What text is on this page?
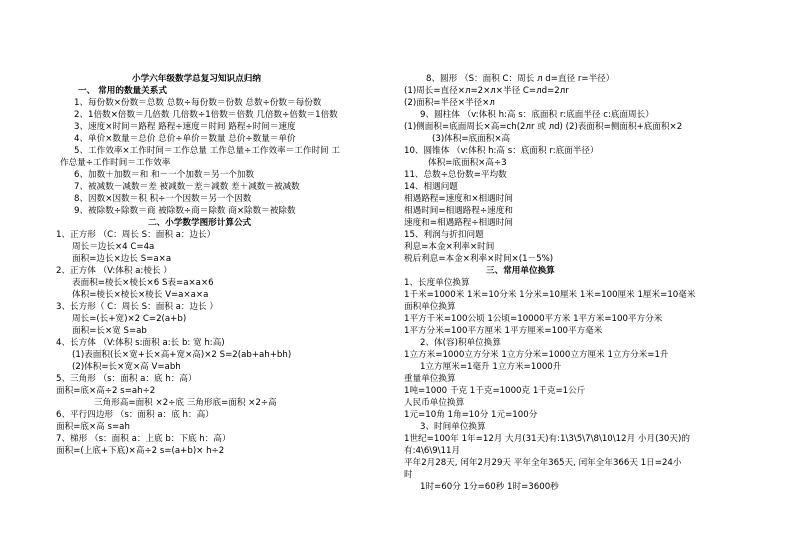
小学六年级数学总复习知识点归纳
一、 常用的数量关系式
1、每份数×份数＝总数 总数÷每份数＝份数 总数÷份数＝每份数
2、1倍数×倍数＝几倍数 几倍数÷1倍数＝倍数 几倍数÷倍数＝1倍数
3、速度×时间＝路程 路程÷速度＝时间 路程÷时间＝速度
4、单价×数量＝总价 总价÷单价＝数量 总价÷数量＝单价
5、工作效率×工作时间＝工作总量 工作总量÷工作效率＝工作时间 工
作总量÷工作时间＝工作效率
6、加数＋加数＝和 和－一个加数＝另一个加数
7、被减数－减数＝差 被减数－差＝减数 差＋减数＝被减数
8、因数×因数＝积 积÷一个因数＝另一个因数
9、被除数÷除数＝商 被除数÷商＝除数 商×除数＝被除数
二、小学数学图形计算公式
1、正方形 （C：周长 S：面积 a：边长）
周长＝边长×4 C=4a
面积=边长×边长 S=a×a
2、正方体 （V:体积 a:棱长 ）
表面积=棱长×棱长×6 S表=a×a×6
体积=棱长×棱长×棱长 V=a×a×a
3、长方形（ C：周长 S：面积 a：边长 ）
周长=(长+宽)×2 C=2(a+b)
面积=长×宽 S=ab
4、长方体 （V:体积 s:面积 a:长 b: 宽 h:高)
(1)表面积(长×宽+长×高+宽×高)×2 S=2(ab+ah+bh)
(2)体积=长×宽×高 V=abh
5、三角形 （s：面积 a：底 h：高）
面积=底×高÷2 s=ah÷2
三角形高=面积 ×2÷底 三角形底=面积 ×2÷高
6、平行四边形 （s：面积 a：底 h：高）
面积=底×高 s=ah
7、梯形 （s：面积 a：上底 b：下底 h：高）
面积=(上底+下底)×高÷2 s=(a+b)× h÷2
8、圆形 （S：面积 C：周长 л d=直径 r=半径）
(1)周长=直径×л=2×л×半径 C=лd=2лr
(2)面积=半径×半径×л
9、圆柱体 （v:体积 h:高 s：底面积 r:底面半径 c:底面周长）
(1)侧面积=底面周长×高=ch(2лr 或 лd) (2)表面积=侧面积+底面积×2
(3)体积=底面积×高
10、圆锥体 （v:体积 h:高 s：底面积 r:底面半径）
体积=底面积×高÷3
11、总数÷总份数=平均数
14、相遇问题
相遇路程=速度和×相遇时间
相遇时间=相遇路程÷速度和
速度和=相遇路程÷相遇时间
15、利润与折扣问题
利息=本金×利率×时间
税后利息=本金×利率×时间×(1－5%)
三、常用单位换算
1、长度单位换算
1千米=1000米 1米=10分米 1分米=10厘米 1米=100厘米 1厘米=10毫米
面积单位换算
1平方千米=100公顷 1公顷=10000平方米 1平方米=100平方分米
1平方分米=100平方厘米 1平方厘米=100平方毫米
2、体(容)积单位换算
1立方米=1000立方分米 1立方分米=1000立方厘米 1立方分米=1升
1立方厘米=1毫升 1立方米=1000升
重量单位换算
1吨=1000 千克 1千克=1000克 1千克=1公斤
人民币单位换算
1元=10角 1角=10分 1元=100分
3、时间单位换算
1世纪=100年 1年=12月 大月(31天)有:1\3\5\7\8\10\12月 小月(30天)的
有:4\6\9\11月
平年2月28天, 闰年2月29天 平年全年365天, 闰年全年366天 1日=24小
时
1时=60分 1分=60秒 1时=3600秒
